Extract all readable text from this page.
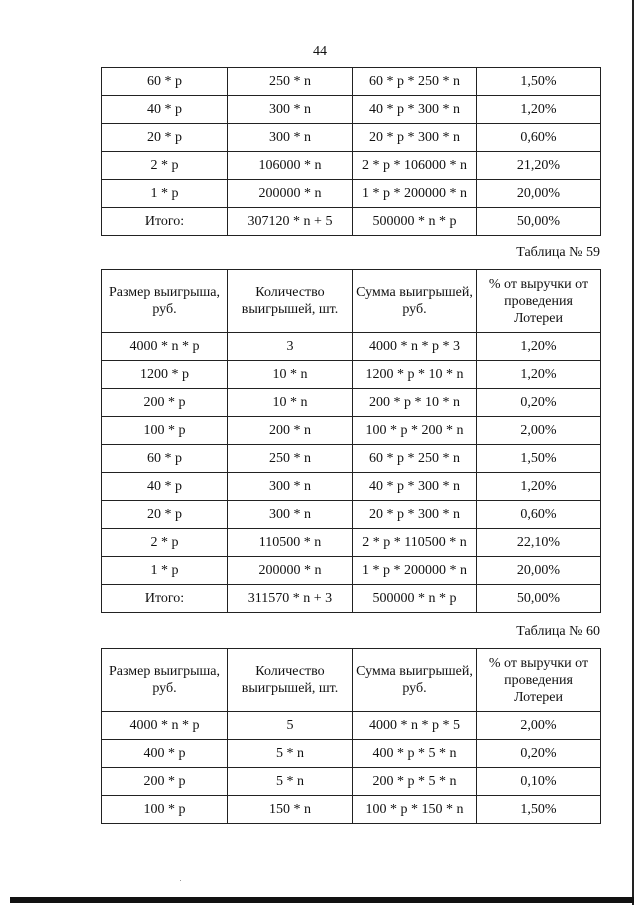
44
60 * р	250 * n	60 * р * 250 * n	1,50%
40 * р	300 * n	40 * р * 300 * n	1,20%
20 * р	300 * n	20 * р * 300 * n	0,60%
2 * р	106000 * n	2 * р * 106000 * n	21,20%
1 * р	200000 * n	1 * р * 200000 * n	20,00%
Итого:	307120 * n + 5	500000 * n * р	50,00%
Таблица № 59
Размер выигрыша, руб.	Количество выигрышей, шт.	Сумма выигрышей, руб.	% от выручки от проведения Лотереи
4000 * n * р	3	4000 * n * р * 3	1,20%
1200 * р	10 * n	1200 * р * 10 * n	1,20%
200 * р	10 * n	200 * р * 10 * n	0,20%
100 * р	200 * n	100 * р * 200 * n	2,00%
60 * р	250 * n	60 * р * 250 * n	1,50%
40 * р	300 * n	40 * р * 300 * n	1,20%
20 * р	300 * n	20 * р * 300 * n	0,60%
2 * р	110500 * n	2 * р * 110500 * n	22,10%
1 * р	200000 * n	1 * р * 200000 * n	20,00%
Итого:	311570 * n + 3	500000 * n * р	50,00%
Таблица № 60
Размер выигрыша, руб.	Количество выигрышей, шт.	Сумма выигрышей, руб.	% от выручки от проведения Лотереи
4000 * n * р	5	4000 * n * р * 5	2,00%
400 * р	5 * n	400 * р * 5 * n	0,20%
200 * р	5 * n	200 * р * 5 * n	0,10%
100 * р	150 * n	100 * р * 150 * n	1,50%
